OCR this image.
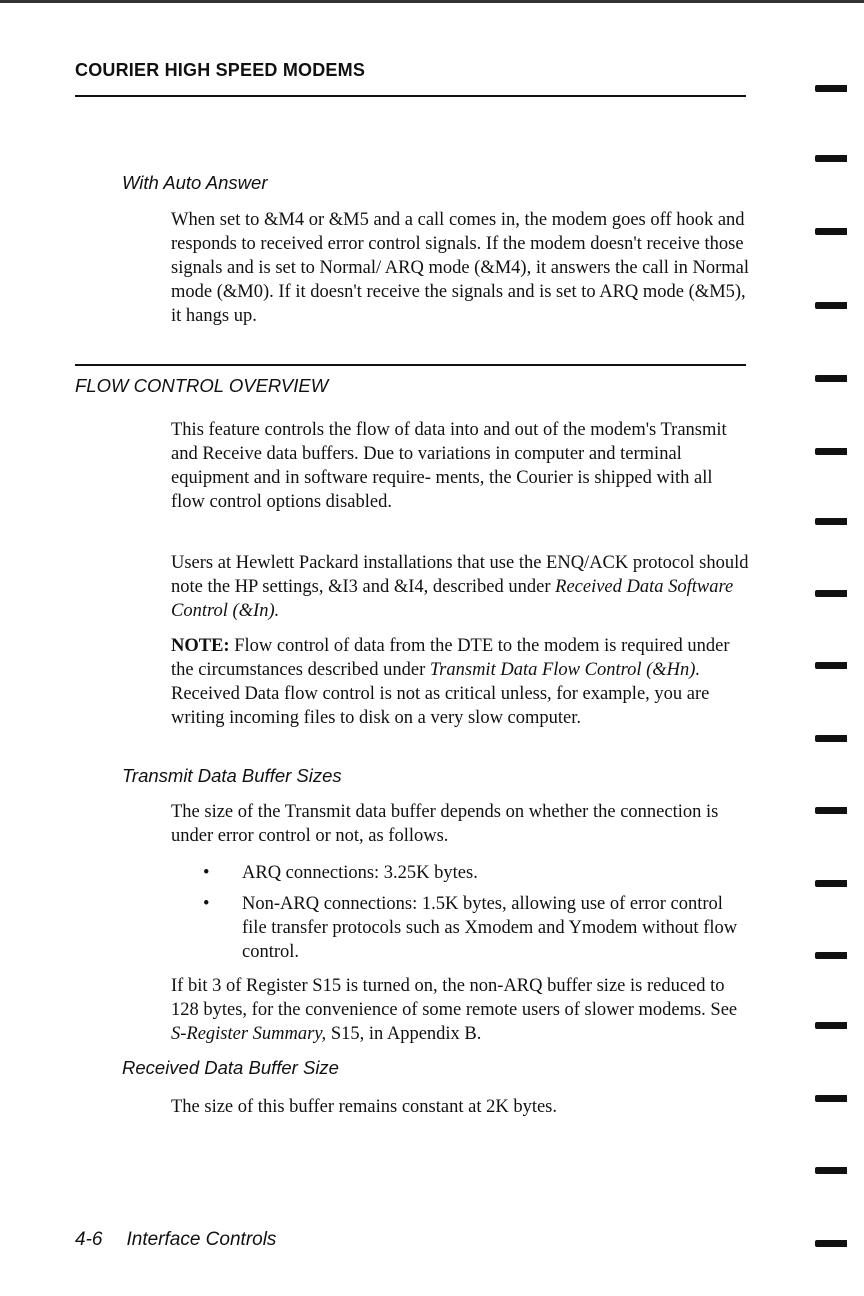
COURIER HIGH SPEED MODEMS
With Auto Answer

When set to &M4 or &M5 and a call comes in, the modem goes off hook and responds to received error control signals. If the modem doesn't receive those signals and is set to Normal/ ARQ mode (&M4), it answers the call in Normal mode (&M0). If it doesn't receive the signals and is set to ARQ mode (&M5), it hangs up.

FLOW CONTROL OVERVIEW

This feature controls the flow of data into and out of the modem's Transmit and Receive data buffers. Due to variations in computer and terminal equipment and in software require- ments, the Courier is shipped with all flow control options disabled.

Users at Hewlett Packard installations that use the ENQ/ACK protocol should note the HP settings, &I3 and &I4, described under Received Data Software Control (&In).

NOTE: Flow control of data from the DTE to the modem is required under the circumstances described under Transmit Data Flow Control (&Hn). Received Data flow control is not as critical unless, for example, you are writing incoming files to disk on a very slow computer.

Transmit Data Buffer Sizes

The size of the Transmit data buffer depends on whether the connection is under error control or not, as follows.

• ARQ connections: 3.25K bytes.
• Non-ARQ connections: 1.5K bytes, allowing use of error control file transfer protocols such as Xmodem and Ymodem without flow control.

If bit 3 of Register S15 is turned on, the non-ARQ buffer size is reduced to 128 bytes, for the convenience of some remote users of slower modems. See S-Register Summary, S15, in Appendix B.

Received Data Buffer Size

The size of this buffer remains constant at 2K bytes.

4-6 Interface Controls
